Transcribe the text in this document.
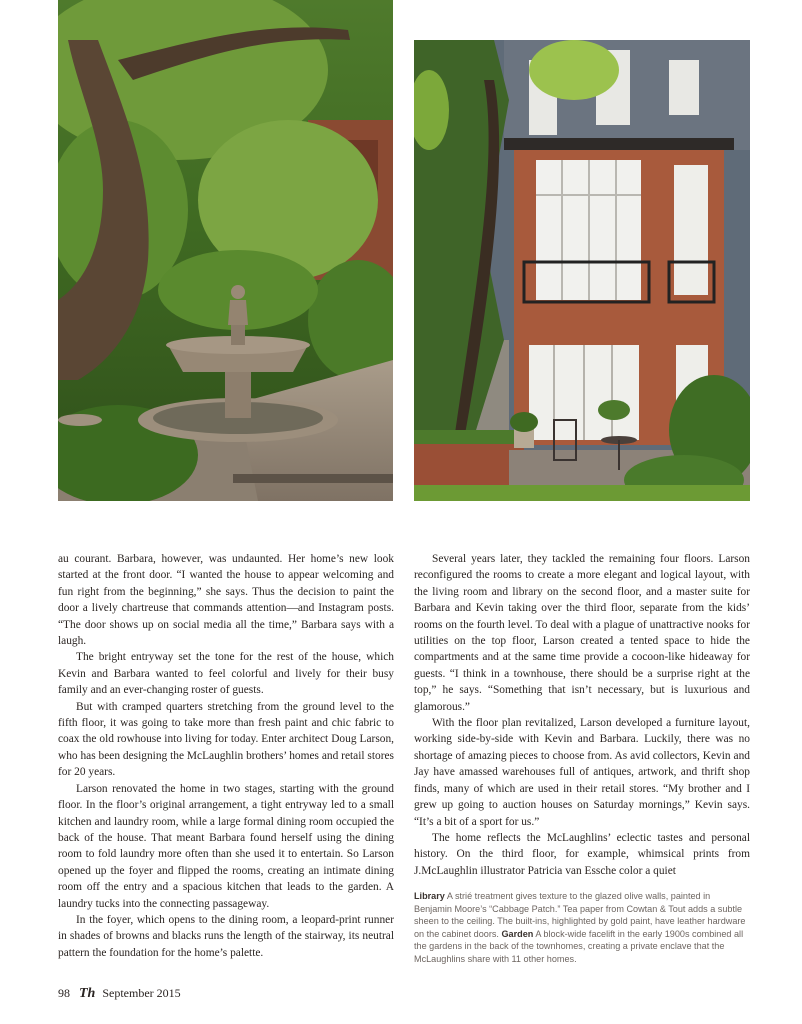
au courant. Barbara, however, was undaunted. Her home’s new look started at the front door. “I wanted the house to appear welcoming and fun right from the beginning,” she says. Thus the decision to paint the door a lively chartreuse that commands attention—and Instagram posts. “The door shows up on social media all the time,” Barbara says with a laugh.

The bright entryway set the tone for the rest of the house, which Kevin and Barbara wanted to feel colorful and lively for their busy family and an ever-changing roster of guests.

But with cramped quarters stretching from the ground level to the fifth floor, it was going to take more than fresh paint and chic fabric to coax the old rowhouse into living for today. Enter architect Doug Larson, who has been designing the McLaughlin brothers’ homes and retail stores for 20 years.

Larson renovated the home in two stages, starting with the ground floor. In the floor’s original arrangement, a tight entryway led to a small kitchen and laundry room, while a large formal dining room occupied the back of the house. That meant Barbara found herself using the dining room to fold laundry more often than she used it to entertain. So Larson opened up the foyer and flipped the rooms, creating an intimate dining room off the entry and a spacious kitchen that leads to the garden. A laundry tucks into the connecting passageway.

In the foyer, which opens to the dining room, a leopard-print runner in shades of browns and blacks runs the length of the stairway, its neutral pattern the foundation for the home’s palette.

Several years later, they tackled the remaining four floors. Larson reconfigured the rooms to create a more elegant and logical layout, with the living room and library on the second floor, and a master suite for Barbara and Kevin taking over the third floor, separate from the kids’ rooms on the fourth level. To deal with a plague of unattractive nooks for utilities on the top floor, Larson created a tented space to hide the compartments and at the same time provide a cocoon-like hideaway for guests. “I think in a townhouse, there should be a surprise right at the top,” he says. “Something that isn’t necessary, but is luxurious and glamorous.”

With the floor plan revitalized, Larson developed a furniture layout, working side-by-side with Kevin and Barbara. Luckily, there was no shortage of amazing pieces to choose from. As avid collectors, Kevin and Jay have amassed warehouses full of antiques, artwork, and thrift shop finds, many of which are used in their retail stores. “My brother and I grew up going to auction houses on Saturday mornings,” Kevin says. “It’s a bit of a sport for us.”

The home reflects the McLaughlins’ eclectic tastes and personal history. On the third floor, for example, whimsical prints from J.McLaughlin illustrator Patricia van Essche color a quiet

Library A strié treatment gives texture to the glazed olive walls, painted in Benjamin Moore’s “Cabbage Patch.” Tea paper from Cowtan & Tout adds a subtle sheen to the ceiling. The built-ins, highlighted by gold paint, have leather hardware on the cabinet doors. Garden A block-wide facelift in the early 1900s combined all the gardens in the back of the townhomes, creating a private enclave that the McLaughlins share with 11 other homes.
98 Th September 2015
